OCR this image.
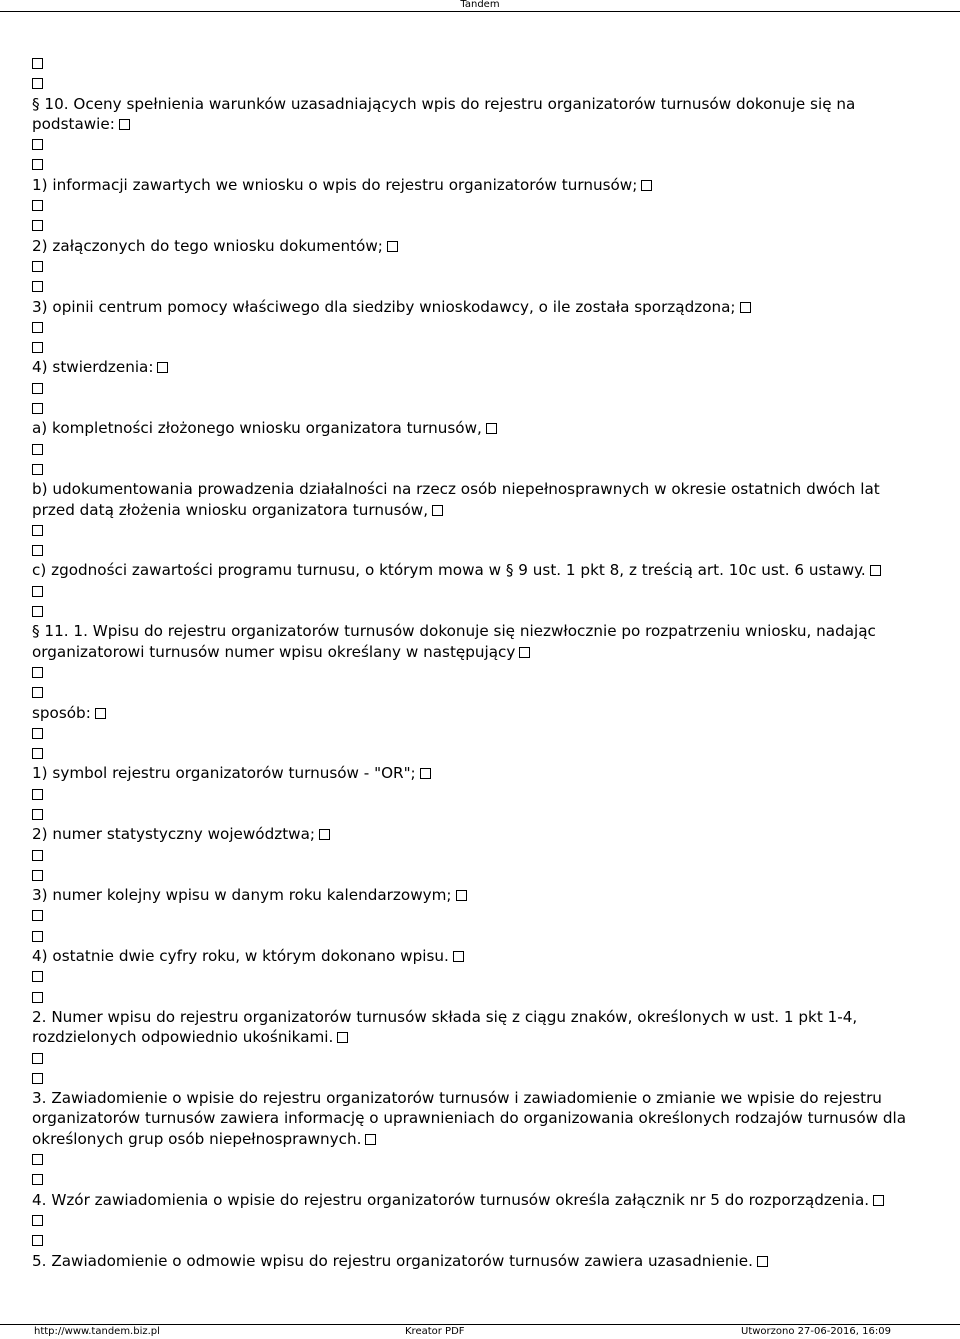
Tandem

§ 10. Oceny spełnienia warunków uzasadniających wpis do rejestru organizatorów turnusów dokonuje się na podstawie:

1) informacji zawartych we wniosku o wpis do rejestru organizatorów turnusów;

2) załączonych do tego wniosku dokumentów;

3) opinii centrum pomocy właściwego dla siedziby wnioskodawcy, o ile została sporządzona;

4) stwierdzenia:

a) kompletności złożonego wniosku organizatora turnusów,

b) udokumentowania prowadzenia działalności na rzecz osób niepełnosprawnych w okresie ostatnich dwóch lat przed datą złożenia wniosku organizatora turnusów,

c) zgodności zawartości programu turnusu, o którym mowa w § 9 ust. 1 pkt 8, z treścią art. 10c ust. 6 ustawy.

§ 11. 1. Wpisu do rejestru organizatorów turnusów dokonuje się niezwłocznie po rozpatrzeniu wniosku, nadając organizatorowi turnusów numer wpisu określany w następujący

sposób:

1) symbol rejestru organizatorów turnusów - "OR";

2) numer statystyczny województwa;

3) numer kolejny wpisu w danym roku kalendarzowym;

4) ostatnie dwie cyfry roku, w którym dokonano wpisu.

2. Numer wpisu do rejestru organizatorów turnusów składa się z ciągu znaków, określonych w ust. 1 pkt 1-4, rozdzielonych odpowiednio ukośnikami.

3. Zawiadomienie o wpisie do rejestru organizatorów turnusów i zawiadomienie o zmianie we wpisie do rejestru organizatorów turnusów zawiera informację o uprawnieniach do organizowania określonych rodzajów turnusów dla określonych grup osób niepełnosprawnych.

4. Wzór zawiadomienia o wpisie do rejestru organizatorów turnusów określa załącznik nr 5 do rozporządzenia.

5. Zawiadomienie o odmowie wpisu do rejestru organizatorów turnusów zawiera uzasadnienie.

http://www.tandem.biz.pl	Kreator PDF	Utworzono 27-06-2016, 16:09
